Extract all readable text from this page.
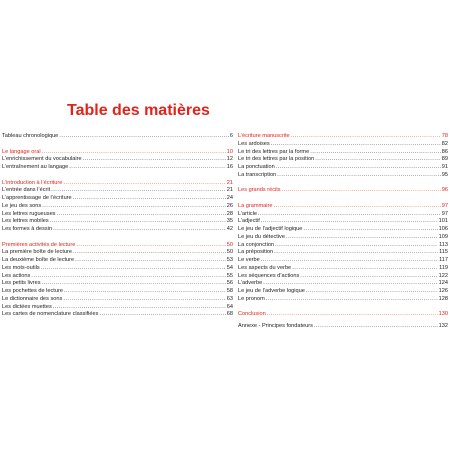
Table des matières
Tableau chronologique .....	6
Le langage oral .....	10
L’enrichissement du vocabulaire .....	12
L’entraînement au langage .....	16
L’introduction à l’écriture .....	21
L’entrée dans l’écrit .....	21
L’apprentissage de l’écriture .....	24
Le jeu des sons .....	26
Les lettres rugueuses .....	28
Les lettres mobiles .....	35
Les formes à dessin .....	42
Premières activités de lecture .....	50
La première boîte de lecture .....	50
La deuxième boîte de lecture .....	53
Les mots-outils .....	54
Les actions .....	55
Les petits livres .....	56
Les pochettes de lecture .....	58
Le dictionnaire des sons .....	63
Les dictées muettes .....	64
Les cartes de nomenclature classifiées .....	68
L’écriture manuscrite .....	78
Les ardoises .....	82
Le tri des lettres par la forme .....	86
Le tri des lettres par la position .....	89
La ponctuation .....	91
La transcription .....	95
Les grands récits .....	96
La grammaire .....	97
L’article .....	97
L’adjectif .....	101
Le jeu de l’adjectif logique .....	106
Le jeu du détective .....	109
La conjonction .....	113
La préposition .....	115
Le verbe .....	117
Les aspects du verbe .....	119
Les séquences d’actions .....	122
L’adverbe .....	124
Le jeu de l’adverbe logique .....	126
Le pronom .....	128
Conclusion .....	130
Annexe - Principes fondateurs .....	132
